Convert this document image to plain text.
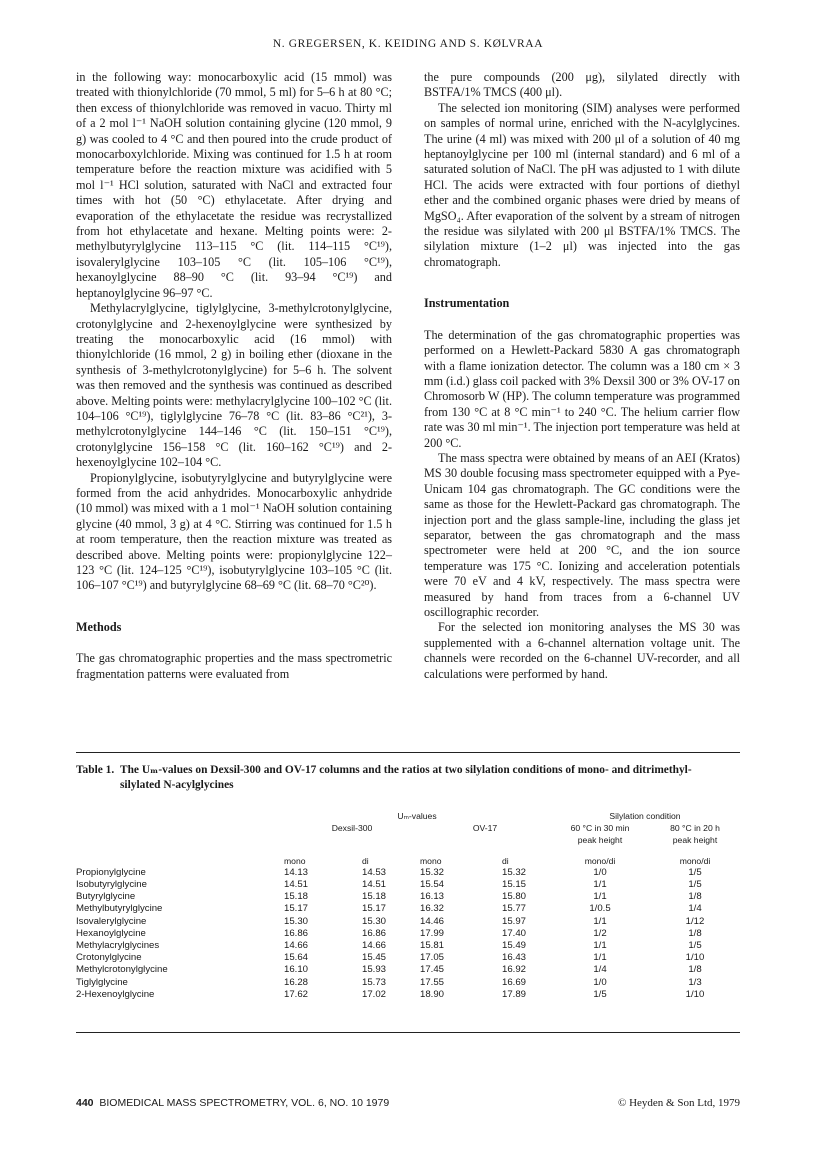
N. GREGERSEN, K. KEIDING AND S. KØLVRAA

in the following way: monocarboxylic acid (15 mmol) was treated with thionylchloride (70 mmol, 5 ml) for 5–6 h at 80 °C; then excess of thionylchloride was removed in vacuo. Thirty ml of a 2 mol l⁻¹ NaOH solution containing glycine (120 mmol, 9 g) was cooled to 4 °C and then poured into the crude product of monocarboxylchloride. Mixing was continued for 1.5 h at room temperature before the reaction mixture was acidified with 5 mol l⁻¹ HCl solution, saturated with NaCl and extracted four times with hot (50 °C) ethylacetate. After drying and evaporation of the ethylacetate the residue was recrystallized from hot ethylacetate and hexane. Melting points were: 2-methylbutyrylglycine 113–115 °C (lit. 114–115 °C¹⁹), isovalerylglycine 103–105 °C (lit. 105–106 °C¹⁹), hexanoylglycine 88–90 °C (lit. 93–94 °C¹⁹) and heptanoylglycine 96–97 °C.

Methylacrylglycine, tiglylglycine, 3-methylcrotonylglycine, crotonylglycine and 2-hexenoylglycine were synthesized by treating the monocarboxylic acid (16 mmol) with thionylchloride (16 mmol, 2 g) in boiling ether (dioxane in the synthesis of 3-methylcrotonylglycine) for 5–6 h. The solvent was then removed and the synthesis was continued as described above. Melting points were: methylacrylglycine 100–102 °C (lit. 104–106 °C¹⁹), tiglylglycine 76–78 °C (lit. 83–86 °C²¹), 3-methylcrotonylglycine 144–146 °C (lit. 150–151 °C¹⁹), crotonylglycine 156–158 °C (lit. 160–162 °C¹⁹) and 2-hexenoylglycine 102–104 °C.

Propionylglycine, isobutyrylglycine and butyrylglycine were formed from the acid anhydrides. Monocarboxylic anhydride (10 mmol) was mixed with a 1 mol⁻¹ NaOH solution containing glycine (40 mmol, 3 g) at 4 °C. Stirring was continued for 1.5 h at room temperature, then the reaction mixture was treated as described above. Melting points were: propionylglycine 122–123 °C (lit. 124–125 °C¹⁹), isobutyrylglycine 103–105 °C (lit. 106–107 °C¹⁹) and butyrylglycine 68–69 °C (lit. 68–70 °C²⁰).

Methods

The gas chromatographic properties and the mass spectrometric fragmentation patterns were evaluated from

the pure compounds (200 μg), silylated directly with BSTFA/1% TMCS (400 μl).

The selected ion monitoring (SIM) analyses were performed on samples of normal urine, enriched with the N-acylglycines. The urine (4 ml) was mixed with 200 μl of a solution of 40 mg heptanoylglycine per 100 ml (internal standard) and 6 ml of a saturated solution of NaCl. The pH was adjusted to 1 with dilute HCl. The acids were extracted with four portions of diethyl ether and the combined organic phases were dried by means of MgSO₄. After evaporation of the solvent by a stream of nitrogen the residue was silylated with 200 μl BSTFA/1% TMCS. The silylation mixture (1–2 μl) was injected into the gas chromatograph.

Instrumentation

The determination of the gas chromatographic properties was performed on a Hewlett-Packard 5830 A gas chromatograph with a flame ionization detector. The column was a 180 cm × 3 mm (i.d.) glass coil packed with 3% Dexsil 300 or 3% OV-17 on Chromosorb W (HP). The column temperature was programmed from 130 °C at 8 °C min⁻¹ to 240 °C. The helium carrier flow rate was 30 ml min⁻¹. The injection port temperature was held at 200 °C.

The mass spectra were obtained by means of an AEI (Kratos) MS 30 double focusing mass spectrometer equipped with a Pye-Unicam 104 gas chromatograph. The GC conditions were the same as those for the Hewlett-Packard gas chromatograph. The injection port and the glass sample-line, including the glass jet separator, between the gas chromatograph and the mass spectrometer were held at 200 °C, and the ion source temperature was 175 °C. Ionizing and acceleration potentials were 70 eV and 4 kV, respectively. The mass spectra were measured by hand from traces from a 6-channel UV oscillographic recorder.

For the selected ion monitoring analyses the MS 30 was supplemented with a 6-channel alternation voltage unit. The channels were recorded on the 6-channel UV-recorder, and all calculations were performed by hand.

Table 1. The Uₘ-values on Dexsil-300 and OV-17 columns and the ratios at two silylation conditions of mono- and ditrimethyl-
silylated N-acylglycines
	Uₘ-values				Silylation condition	
	Dexsil-300		OV-17		60 °C in 30 min	80 °C in 20 h
					peak height	peak height

	mono	di	mono	di	mono/di	mono/di
Propionylglycine	14.13	14.53	15.32	15.32	1/0	1/5
Isobutyrylglycine	14.51	14.51	15.54	15.15	1/1	1/5
Butyrylglycine	15.18	15.18	16.13	15.80	1/1	1/8
Methylbutyrylglycine	15.17	15.17	16.32	15.77	1/0.5	1/4
Isovalerylglycine	15.30	15.30	14.46	15.97	1/1	1/12
Hexanoylglycine	16.86	16.86	17.99	17.40	1/2	1/8
Methylacrylglycines	14.66	14.66	15.81	15.49	1/1	1/5
Crotonylglycine	15.64	15.45	17.05	16.43	1/1	1/10
Methylcrotonylglycine	16.10	15.93	17.45	16.92	1/4	1/8
Tiglylglycine	16.28	15.73	17.55	16.69	1/0	1/3
2-Hexenoylglycine	17.62	17.02	18.90	17.89	1/5	1/10
440 BIOMEDICAL MASS SPECTROMETRY, VOL. 6, NO. 10 1979	© Heyden & Son Ltd, 1979
